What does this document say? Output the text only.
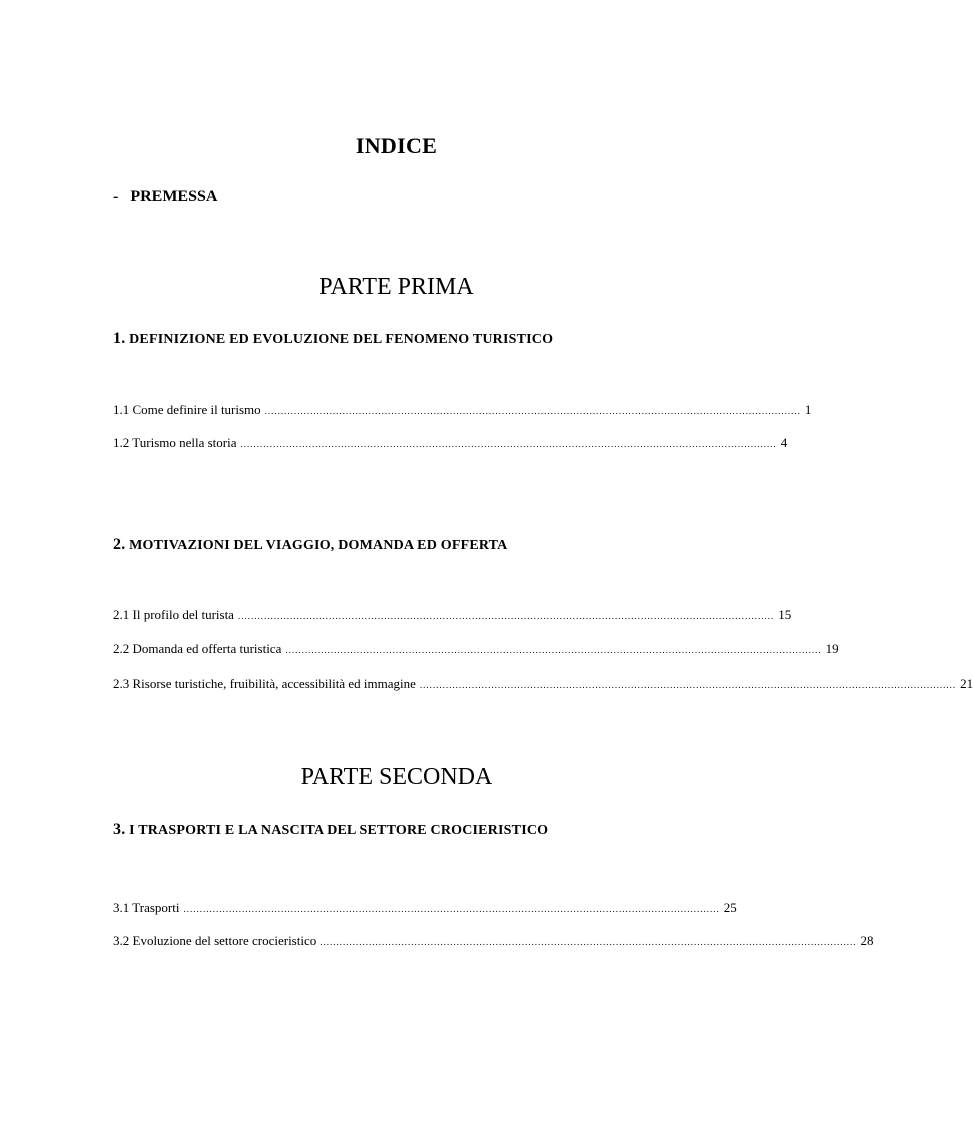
INDICE
- PREMESSA
PARTE PRIMA
1. DEFINIZIONE ED EVOLUZIONE DEL FENOMENO TURISTICO
1.1 Come definire il turismo ..................................................................................................................................................................... 1
1.2 Turismo nella storia ..................................................................................................................................................................... 4
2. MOTIVAZIONI DEL VIAGGIO, DOMANDA ED OFFERTA
2.1 Il profilo del turista ..................................................................................................................................................................... 15
2.2 Domanda ed offerta turistica ..................................................................................................................................................................... 19
2.3 Risorse turistiche, fruibilità, accessibilità ed immagine ..................................................................................................................................................................... 21
PARTE SECONDA
3. I TRASPORTI E LA NASCITA DEL SETTORE CROCIERISTICO
3.1 Trasporti ..................................................................................................................................................................... 25
3.2 Evoluzione del settore crocieristico ..................................................................................................................................................................... 28
